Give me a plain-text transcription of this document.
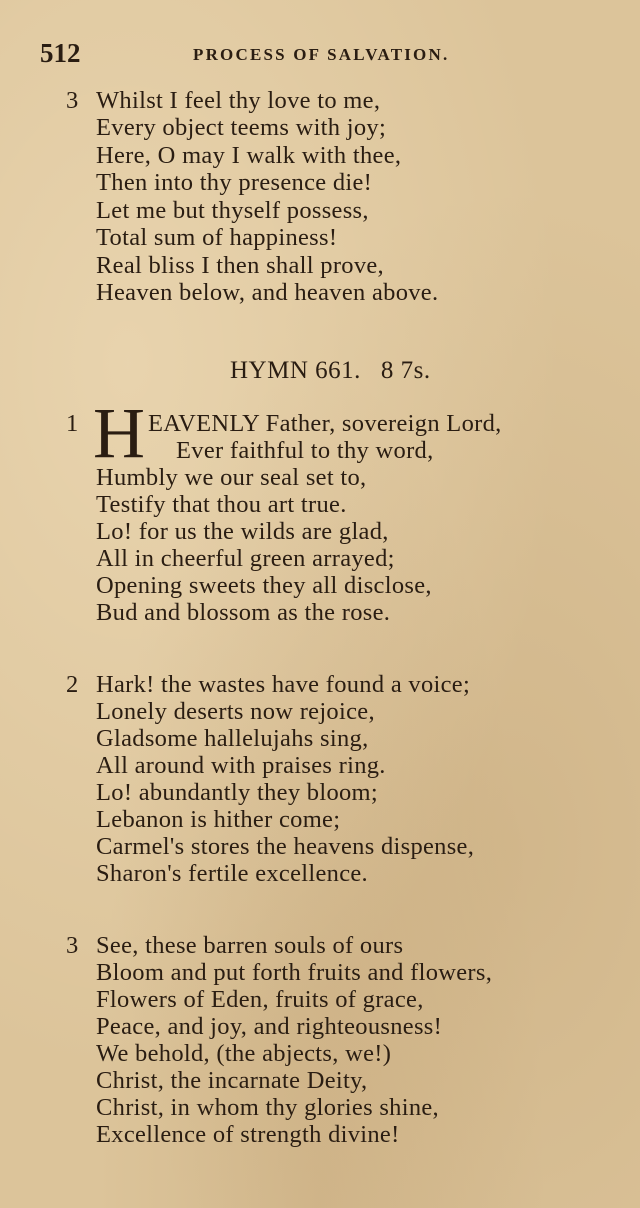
512	PROCESS OF SALVATION.
3 Whilst I feel thy love to me,
Every object teems with joy;
Here, O may I walk with thee,
Then into thy presence die!
Let me but thyself possess,
Total sum of happiness!
Real bliss I then shall prove,
Heaven below, and heaven above.
HYMN 661. 8 7s.
1 H EAVENLY Father, sovereign Lord,
Ever faithful to thy word,
Humbly we our seal set to,
Testify that thou art true.
Lo! for us the wilds are glad,
All in cheerful green arrayed;
Opening sweets they all disclose,
Bud and blossom as the rose.
2 Hark! the wastes have found a voice;
Lonely deserts now rejoice,
Gladsome hallelujahs sing,
All around with praises ring.
Lo! abundantly they bloom;
Lebanon is hither come;
Carmel's stores the heavens dispense,
Sharon's fertile excellence.
3 See, these barren souls of ours
Bloom and put forth fruits and flowers,
Flowers of Eden, fruits of grace,
Peace, and joy, and righteousness!
We behold, (the abjects, we!)
Christ, the incarnate Deity,
Christ, in whom thy glories shine,
Excellence of strength divine!
